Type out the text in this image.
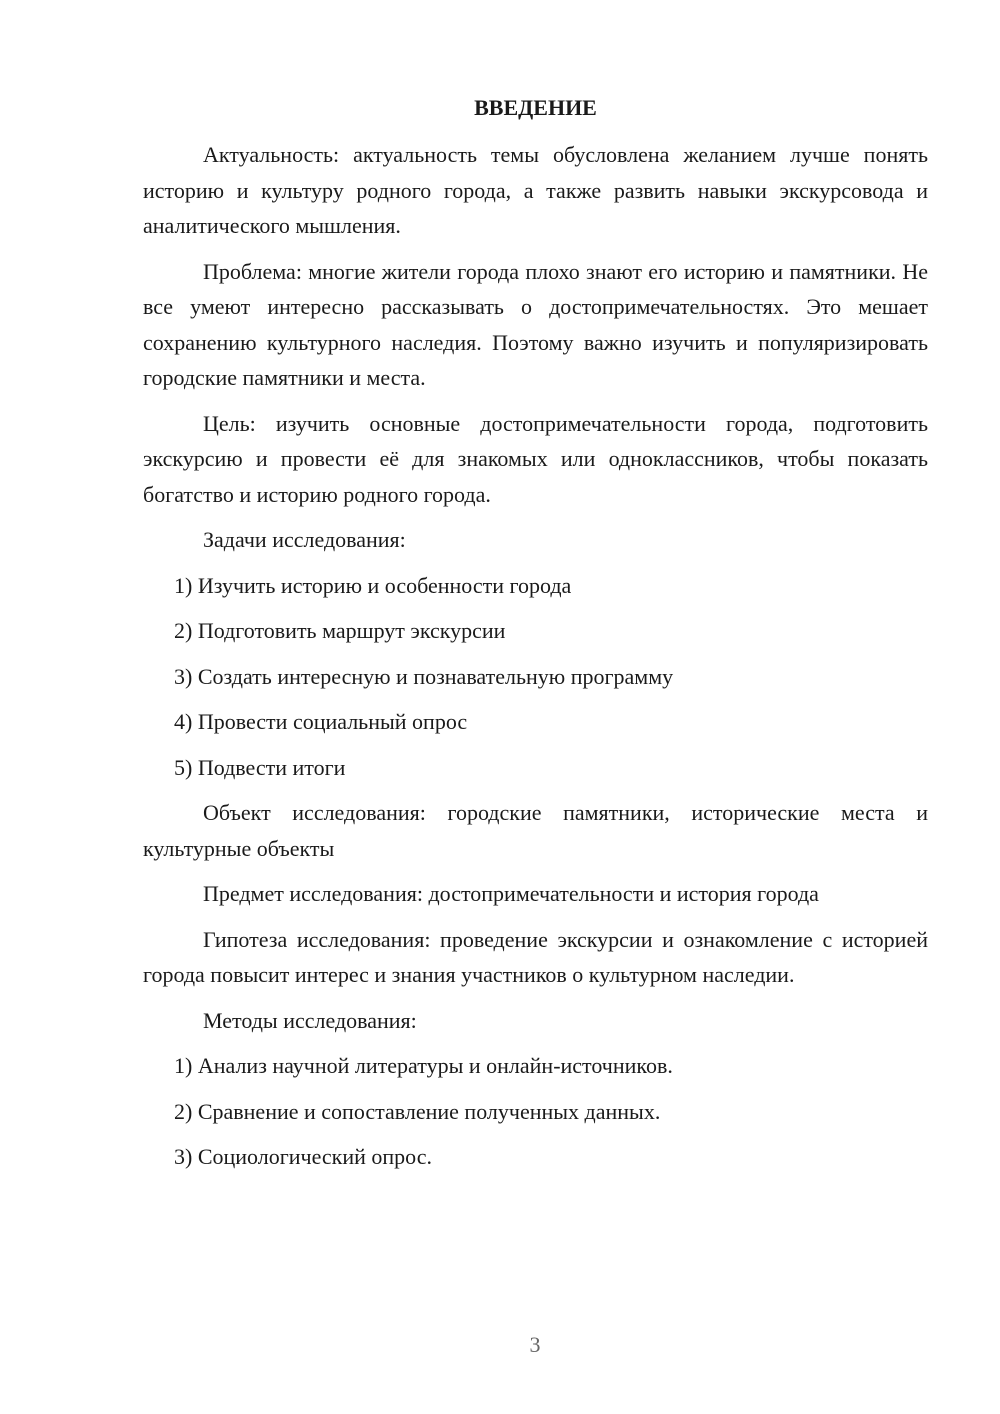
ВВЕДЕНИЕ

Актуальность: актуальность темы обусловлена желанием лучше понять историю и культуру родного города, а также развить навыки экскурсовода и аналитического мышления.

Проблема: многие жители города плохо знают его историю и памятники. Не все умеют интересно рассказывать о достопримечательностях. Это мешает сохранению культурного наследия. Поэтому важно изучить и популяризировать городские памятники и места.

Цель: изучить основные достопримечательности города, подготовить экскурсию и провести её для знакомых или одноклассников, чтобы показать богатство и историю родного города.

Задачи исследования:

1) Изучить историю и особенности города
2) Подготовить маршрут экскурсии
3) Создать интересную и познавательную программу
4) Провести социальный опрос
5) Подвести итоги

Объект исследования: городские памятники, исторические места и культурные объекты

Предмет исследования: достопримечательности и история города

Гипотеза исследования: проведение экскурсии и ознакомление с историей города повысит интерес и знания участников о культурном наследии.

Методы исследования:

1) Анализ научной литературы и онлайн-источников.
2) Сравнение и сопоставление полученных данных.
3) Социологический опрос.
3
